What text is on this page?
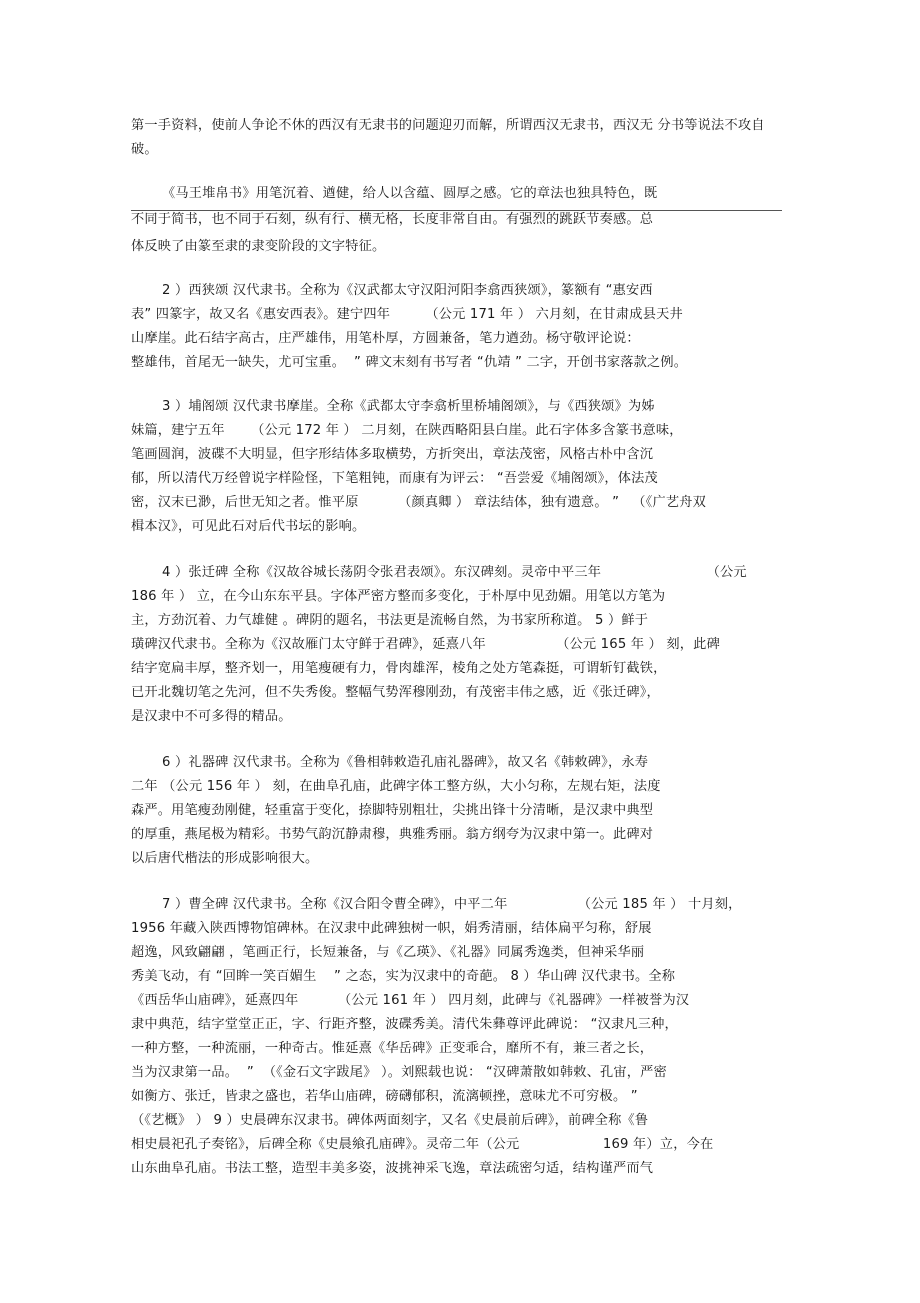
第一手资料，使前人争论不休的西汉有无隶书的问题迎刃而解，所谓西汉无隶书，西汉无 分书等说法不攻自
破。
《马王堆帛书》用笔沉着、遒健，给人以含蕴、圆厚之感。它的章法也独具特色，既
不同于简书，也不同于石刻，纵有行、横无格，长度非常自由。有强烈的跳跃节奏感。总
体反映了由篆至隶的隶变阶段的文字特征。
2 ）西狭颂 汉代隶书。全称为《汉武都太守汉阳河阳李翕西狭颂》，篆额有 “惠安西
表” 四篆字，故又名《惠安西表》。建宁四年        （公元 171 年 ） 六月刻，在甘肃成县天井
山摩崖。此石结字高古，庄严雄伟，用笔朴厚，方圆兼备，笔力遒劲。杨守敬评论说：
整雄伟，首尾无一缺失，尤可宝重。  ” 碑文末刻有书写者 “仇靖 ” 二字，开创书家落款之例。
3 ）埔阁颂 汉代隶书摩崖。全称《武都太守李翕析里桥埔阁颂》，与《西狭颂》为姊
妹篇，建宁五年      （公元 172 年 ） 二月刻，在陕西略阳县白崖。此石字体多含篆书意味，
笔画圆润，波碟不大明显，但字形结体多取横势，方折突出，章法茂密，风格古朴中含沉
郁，所以清代万经曾说字样险怪，下笔粗钝，而康有为评云： “吾尝爱《埔阁颂》，体法茂
密，汉末已渺，后世无知之者。惟平原         （颜真卿 ） 章法结体，独有遗意。 ”   （《广艺舟双
楫本汉》，可见此石对后代书坛的影响。
4 ）张迁碑 全称《汉故谷城长荡阴令张君表颂》。东汉碑刻。灵帝中平三年                        （公元
186 年 ） 立，在今山东东平县。字体严密方整而多变化，于朴厚中见劲媚。用笔以方笔为
主，方劲沉着、力气雄健 。碑阴的题名，书法更是流畅自然，为书家所称道。 5 ）鲜于
璜碑汉代隶书。全称为《汉故雁门太守鲜于君碑》，延熹八年                （公元 165 年 ） 刻，此碑
结字宽扁丰厚，整齐划一，用笔瘦硬有力，骨肉雄浑，棱角之处方笔森挺，可谓斩钉截铁，
已开北魏切笔之先河，但不失秀俊。整幅气势浑穆刚劲，有茂密丰伟之感，近《张迁碑》，
是汉隶中不可多得的精品。
6 ）礼器碑 汉代隶书。全称为《鲁相韩敕造孔庙礼器碑》，故又名《韩敕碑》，永寿
二年 （公元 156 年 ） 刻，在曲阜孔庙，此碑字体工整方纵，大小匀称，左规右矩，法度
森严。用笔瘦劲刚健，轻重富于变化，捺脚特别粗壮，尖挑出锋十分清晰，是汉隶中典型
的厚重，燕尾极为精彩。书势气韵沉静肃穆，典雅秀丽。翁方纲夸为汉隶中第一。此碑对
以后唐代楷法的形成影响很大。
7 ）曹全碑 汉代隶书。全称《汉合阳令曹全碑》，中平二年                （公元 185 年 ） 十月刻，
1956 年藏入陕西博物馆碑林。在汉隶中此碑独树一帜，娟秀清丽，结体扁平匀称，舒展
超逸，风致翩翩 ，笔画正行，长短兼备，与《乙瑛》、《礼器》同属秀逸类，但神采华丽
秀美飞动，有 “回眸一笑百媚生    ” 之态，实为汉隶中的奇葩。 8 ）华山碑 汉代隶书。全称
《西岳华山庙碑》，延熹四年         （公元 161 年 ） 四月刻，此碑与《礼器碑》一样被誉为汉
隶中典范，结字堂堂正正，字、行距齐整，波碟秀美。清代朱彝尊评此碑说： “汉隶凡三种，
一种方整，一种流丽，一种奇古。惟延熹《华岳碑》正变乖合，靡所不有，兼三者之长，
当为汉隶第一品。  ”  （《金石文字跋尾》 ）。刘熙载也说： “汉碑萧散如韩敕、孔宙，严密
如衡方、张迁，皆隶之盛也，若华山庙碑，磅礴郁积，流漓顿挫，意味尤不可穷极。 ”
（《艺概》 ） 9 ）史晨碑东汉隶书。碑体两面刻字，又名《史晨前后碑》，前碑全称《鲁
相史晨祀孔子奏铭》，后碑全称《史晨飨孔庙碑》。灵帝二年（公元                   169 年）立，今在
山东曲阜孔庙。书法工整，造型丰美多姿，波挑神采飞逸，章法疏密匀适，结构谨严而气
